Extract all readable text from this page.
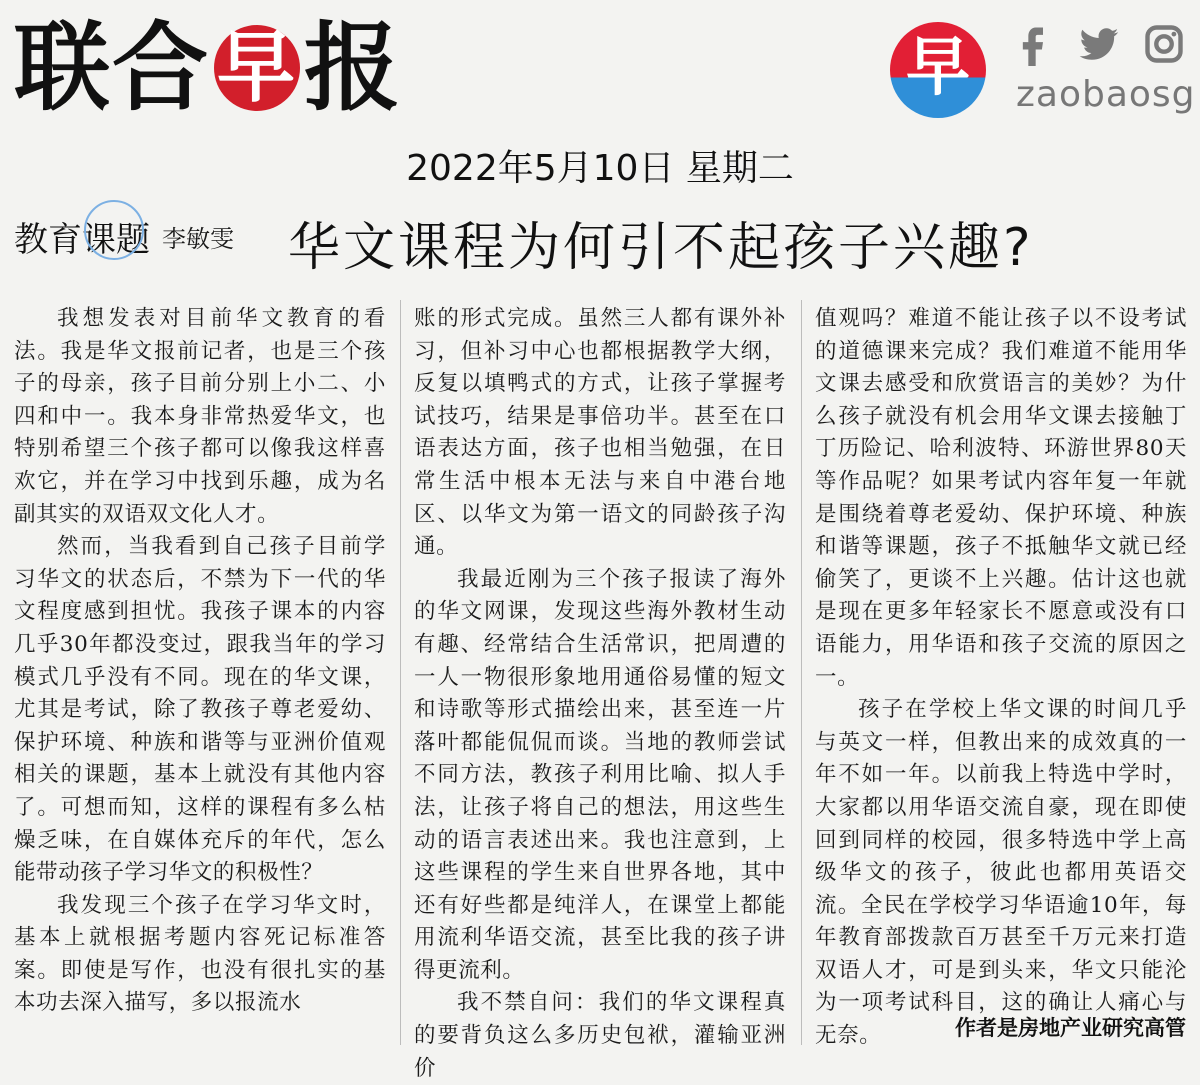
联 合 早 报	早	zaobaosg
2022年5月10日 星期二
教育 课题 李敏雯 华文课程为何引不起孩子兴趣?

我想发表对目前华文教育的看法。我是华文报前记者，也是三个孩子的母亲，孩子目前分别上小二、小四和中一。我本身非常热爱华文，也特别希望三个孩子都可以像我这样喜欢它，并在学习中找到乐趣，成为名副其实的双语双文化人才。

然而，当我看到自己孩子目前学习华文的状态后，不禁为下一代的华文程度感到担忧。我孩子课本的内容几乎30年都没变过，跟我当年的学习模式几乎没有不同。现在的华文课，尤其是考试，除了教孩子尊老爱幼、保护环境、种族和谐等与亚洲价值观相关的课题，基本上就没有其他内容了。可想而知，这样的课程有多么枯燥乏味，在自媒体充斥的年代，怎么能带动孩子学习华文的积极性？

我发现三个孩子在学习华文时，基本上就根据考题内容死记标准答案。即使是写作，也没有很扎实的基本功去深入描写，多以报流水

账的形式完成。虽然三人都有课外补习，但补习中心也都根据教学大纲，反复以填鸭式的方式，让孩子掌握考试技巧，结果是事倍功半。甚至在口语表达方面，孩子也相当勉强，在日常生活中根本无法与来自中港台地区、以华文为第一语文的同龄孩子沟通。

我最近刚为三个孩子报读了海外的华文网课，发现这些海外教材生动有趣、经常结合生活常识，把周遭的一人一物很形象地用通俗易懂的短文和诗歌等形式描绘出来，甚至连一片落叶都能侃侃而谈。当地的教师尝试不同方法，教孩子利用比喻、拟人手法，让孩子将自己的想法，用这些生动的语言表述出来。我也注意到，上这些课程的学生来自世界各地，其中还有好些都是纯洋人，在课堂上都能用流利华语交流，甚至比我的孩子讲得更流利。

我不禁自问：我们的华文课程真的要背负这么多历史包袱，灌输亚洲价

值观吗？难道不能让孩子以不设考试的道德课来完成？我们难道不能用华文课去感受和欣赏语言的美妙？为什么孩子就没有机会用华文课去接触丁丁历险记、哈利波特、环游世界80天等作品呢？如果考试内容年复一年就是围绕着尊老爱幼、保护环境、种族和谐等课题，孩子不抵触华文就已经偷笑了，更谈不上兴趣。估计这也就是现在更多年轻家长不愿意或没有口语能力，用华语和孩子交流的原因之一。

孩子在学校上华文课的时间几乎与英文一样，但教出来的成效真的一年不如一年。以前我上特选中学时，大家都以用华语交流自豪，现在即使回到同样的校园，很多特选中学上高级华文的孩子，彼此也都用英语交流。全民在学校学习华语逾10年，每年教育部拨款百万甚至千万元来打造双语人才，可是到头来，华文只能沦为一项考试科目，这的确让人痛心与无奈。	作者是房地产业研究高管
